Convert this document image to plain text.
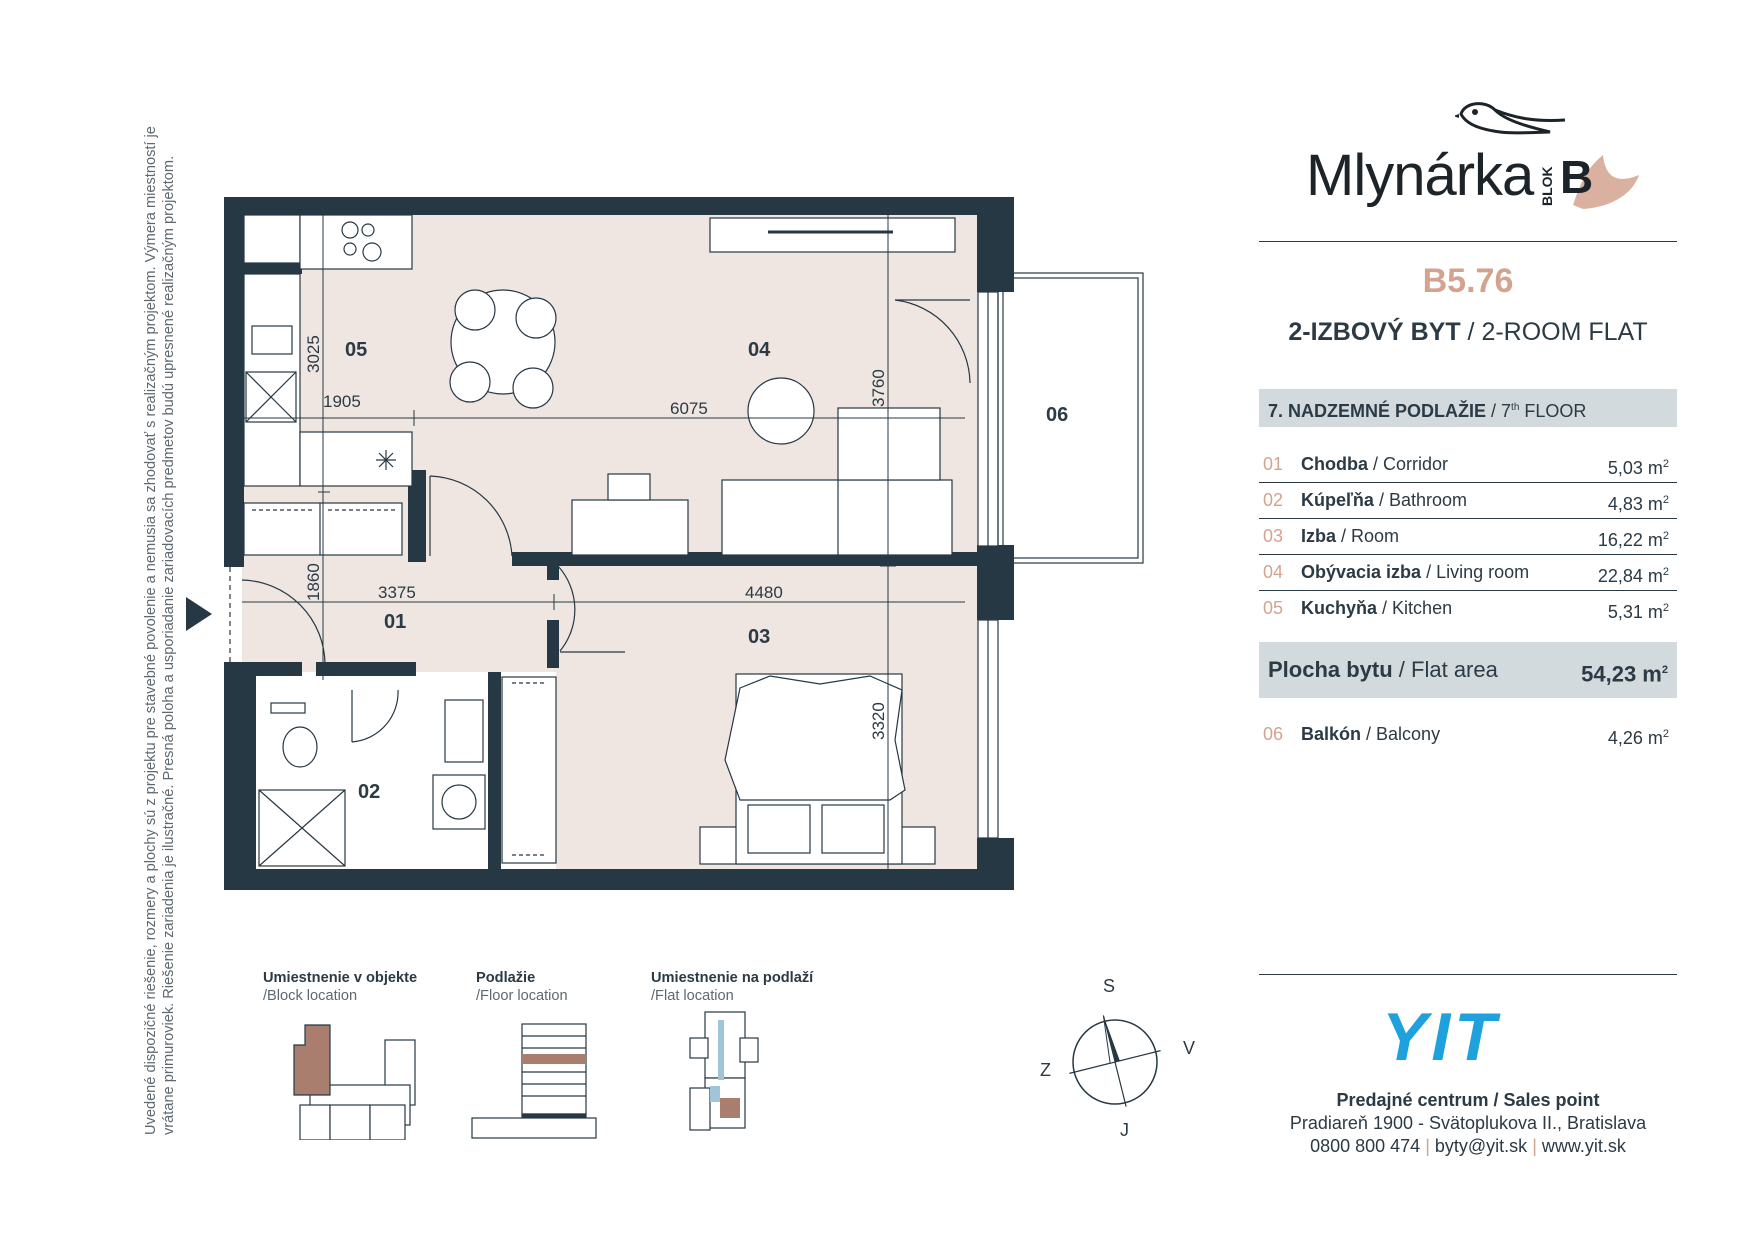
Uvedené dispozičné riešenie, rozmery a plochy sú z projektu pre stavebné povolenie a nemusia sa zhodovať s realizačným projektom. Výmera miestností je vrátane primuroviek. Riešenie zariadenia je ilustračné. Presná poloha a usporiadanie zariadovacích predmetov budú upresnené realizačným projektom.	05	04
06
01
03
02
3025
1905	6075
3760
1860	3375	4480
3320
Mlynárka BLOK B
B5.76
2-IZBOVÝ BYT / 2-ROOM FLAT
7. NADZEMNÉ PODLAŽIE / 7th FLOOR
01 Chodba / Corridor	5,03 $m^2$
02 Kúpeľňa / Bathroom	4,83 $m^2$
03 Izba / Room	16,22 $m^2$
04 Obývacia izba / Living room	22,84 $m^2$
05 Kuchyňa / Kitchen	5,31 $m^2$
Plocha bytu / Flat area	54,23 $m^2$
06 Balkón / Balcony	4,26 $m^2$
YIT
Predajné centrum / Sales point
Pradiareň 1900 - Svätoplukova II., Bratislava
0800 800 474 | byty@yit.sk | www.yit.sk
Umiestnenie v objekte
/Block location
Podlažie
/Floor location
Umiestnenie na podlaží
/Flat location	S
V
Z
J
